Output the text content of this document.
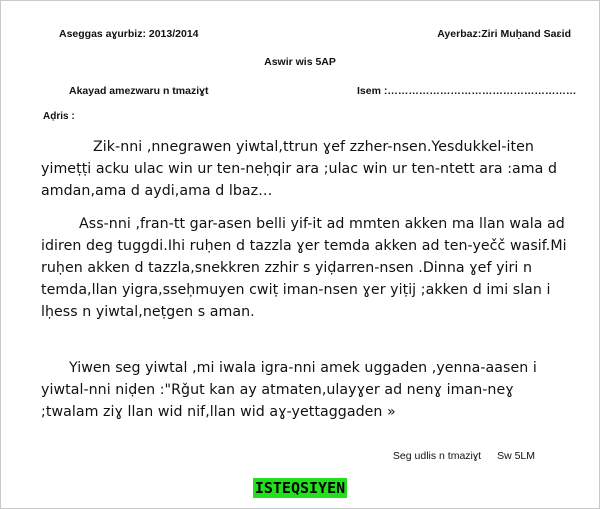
Aseggas aɣurbiz: 2013/2014	Ayerbaz:Ziri Muḥand Saɛid
Aswir wis 5AP
Akayad amezwaru n tmaziɣt	Isem :………………………………………………
Aḍris :

Zik-nni ,nnegrawen yiwtal,ttrun ɣef zzher-nsen.Yesdukkel-iten yimeṭṭi acku ulac win ur ten-neḥqir ara ;ulac win ur ten-ntett ara :ama d amdan,ama d aydi,ama d lbaz…

Ass-nni ,fran-tt gar-asen belli yif-it ad mmten akken ma llan wala ad idiren deg tuggdi.Ihi ruḥen d tazzla ɣer temda akken ad ten-yečč wasif.Mi ruḥen akken d tazzla,snekkren zzhir s yiḍarren-nsen .Dinna ɣef yiri n temda,llan yigra,sseḥmuyen cwiṭ iman-nsen ɣer yiṭij ;akken d imi slan i lḥess n yiwtal,neṭgen s aman.

Yiwen seg yiwtal ,mi iwala igra-nni amek uggaden ,yenna-aasen i yiwtal-nni niḍen :"Rǧut kan ay atmaten,ulayɣer ad nenɣ iman-neɣ ;twalam ziɣ llan wid nif,llan wid aɣ-yettaggaden »

Seg udlis n tmaziɣt Sw 5LM
ISTEQSIYEN
